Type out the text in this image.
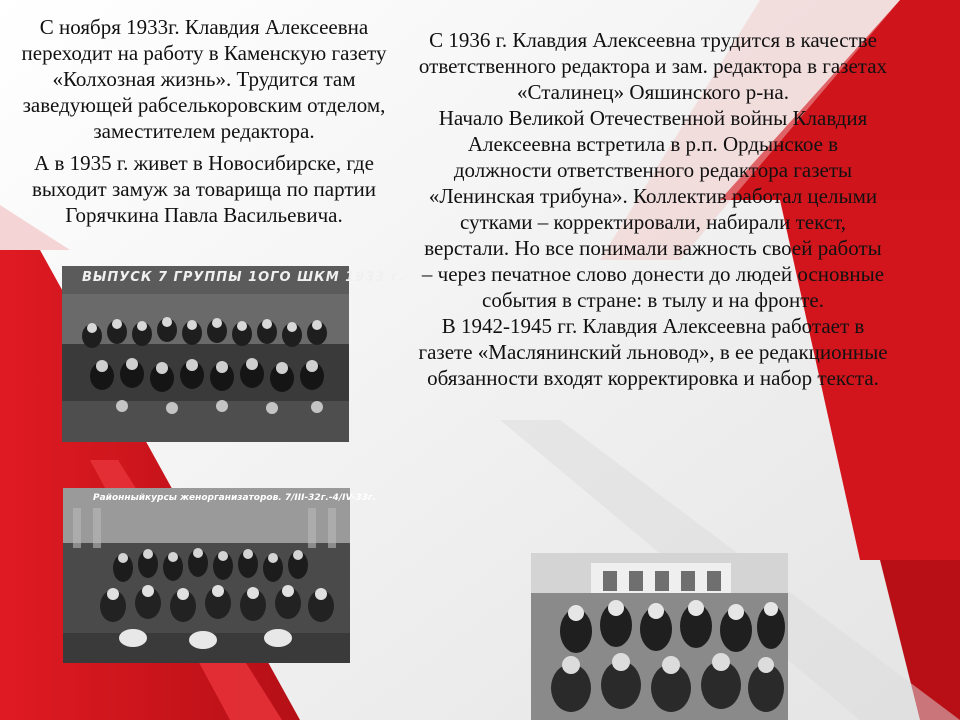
С ноября 1933г. Клавдия Алексеевна переходит на работу в Каменскую газету «Колхозная жизнь». Трудится там заведующей рабселькоровским отделом, заместителем редактора.

А в 1935 г. живет в Новосибирске, где выходит замуж за товарища по партии Горячкина Павла Васильевича.

С 1936 г. Клавдия Алексеевна трудится в качестве ответственного редактора и зам. редактора в газетах «Сталинец» Ояшинского р-на.

Начало Великой Отечественной войны Клавдия Алексеевна встретила в р.п. Ордынское в должности ответственного редактора газеты «Ленинская трибуна». Коллектив работал целыми сутками – корректировали, набирали текст, верстали. Но все понимали важность своей работы – через печатное слово донести до людей основные события в стране: в тылу и на фронте.

В 1942-1945 гг. Клавдия Алексеевна работает в газете «Маслянинский льновод», в ее редакционные обязанности входят корректировка и набор текста.

ВЫПУСК 7 ГРУППЫ 1ОГО ШКМ 1933 г.
Районныйкурсы женорганизаторов. 7/III-32г.-4/IV-33г.
